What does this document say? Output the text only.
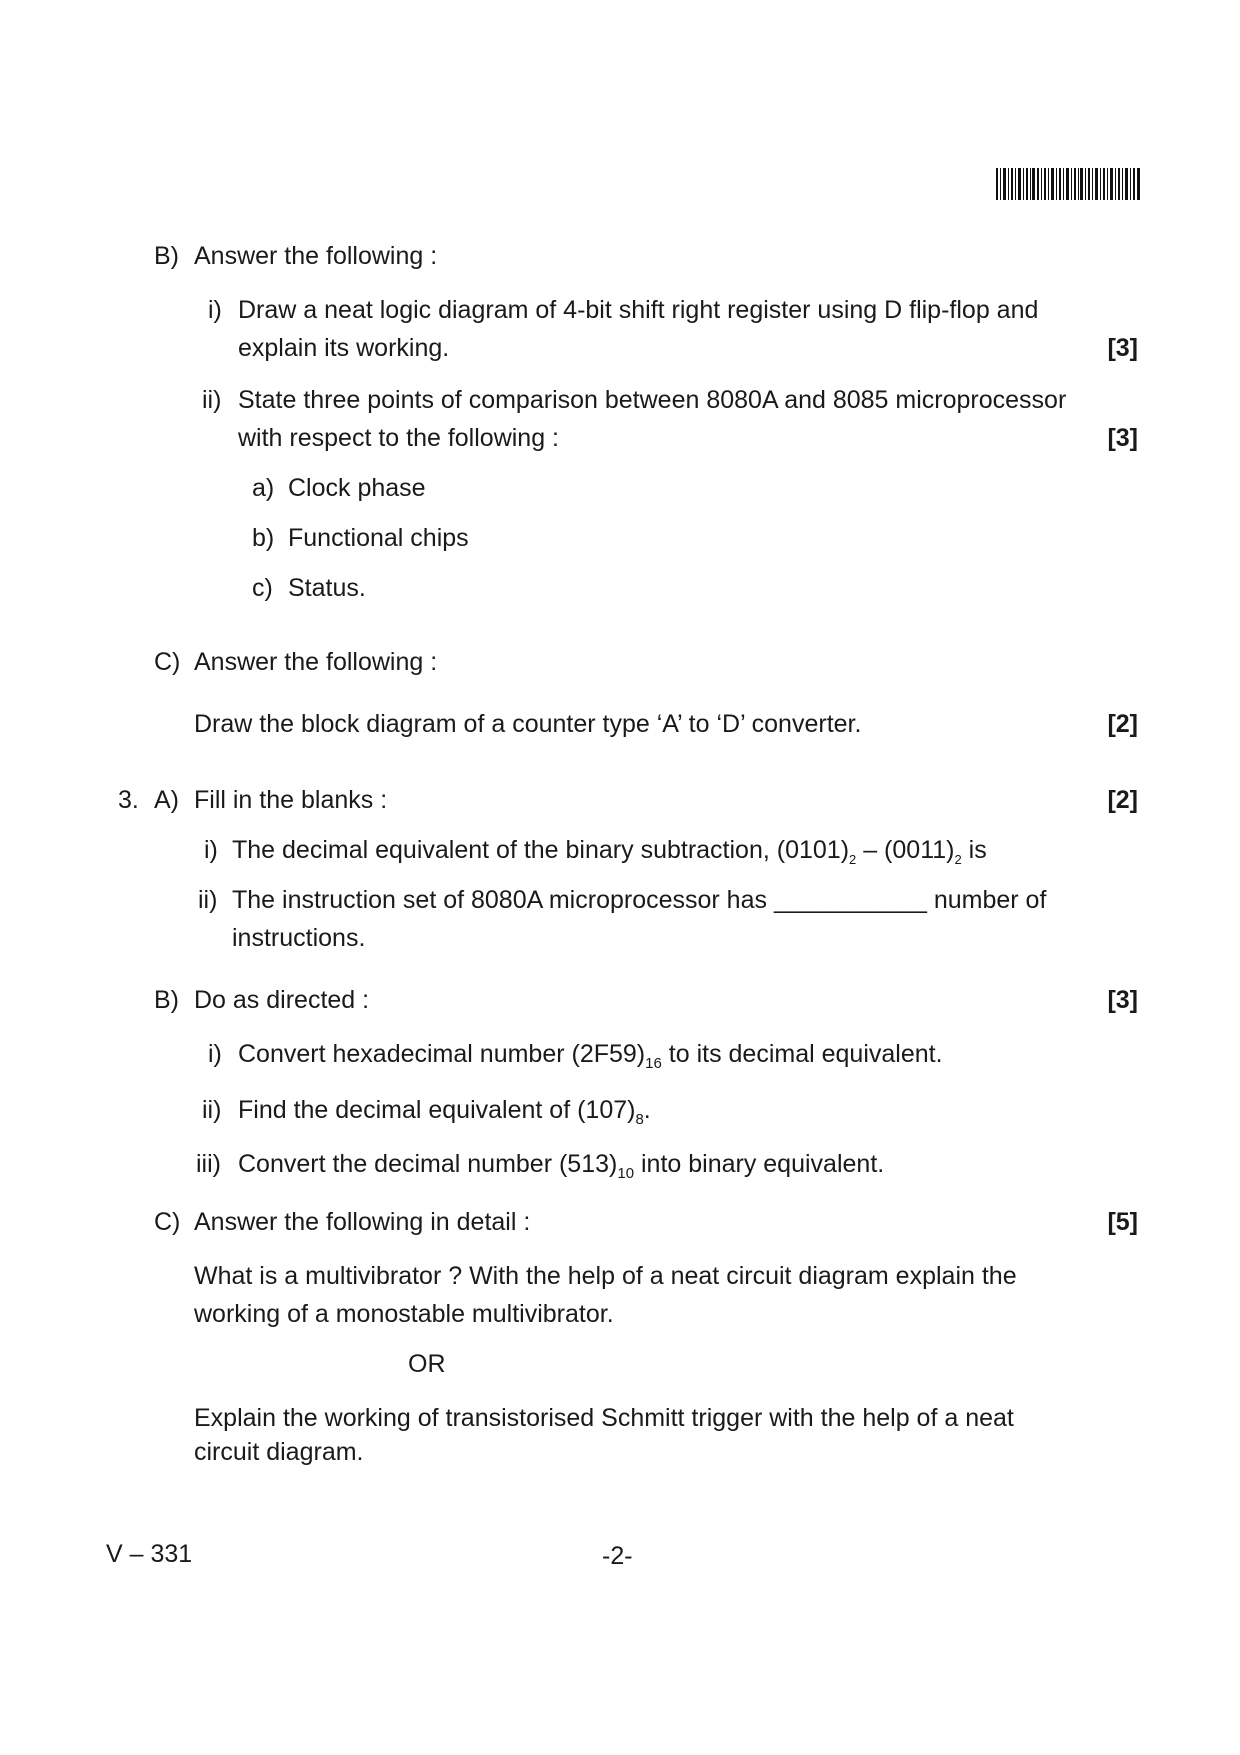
B) Answer the following :
i) Draw a neat logic diagram of 4-bit shift right register using D flip-flop and
explain its working.	[3]
ii) State three points of comparison between 8080A and 8085 microprocessor
with respect to the following :	[3]
a) Clock phase
b) Functional chips
c) Status.
C) Answer the following :
Draw the block diagram of a counter type ‘A’ to ‘D’ converter.	[2]
3. A) Fill in the blanks :	[2]
i) The decimal equivalent of the binary subtraction, $(0101)_2 - (0011)_2$ is
ii) The instruction set of 8080A microprocessor has ___________ number of
instructions.
B) Do as directed :	[3]
i) Convert hexadecimal number $(2F59)_{16}$ to its decimal equivalent.
ii) Find the decimal equivalent of $(107)_8$.
iii) Convert the decimal number $(513)_{10}$ into binary equivalent.
C) Answer the following in detail :	[5]
What is a multivibrator ? With the help of a neat circuit diagram explain the
working of a monostable multivibrator.
OR
Explain the working of transistorised Schmitt trigger with the help of a neat
circuit diagram.
V – 331	-2-
